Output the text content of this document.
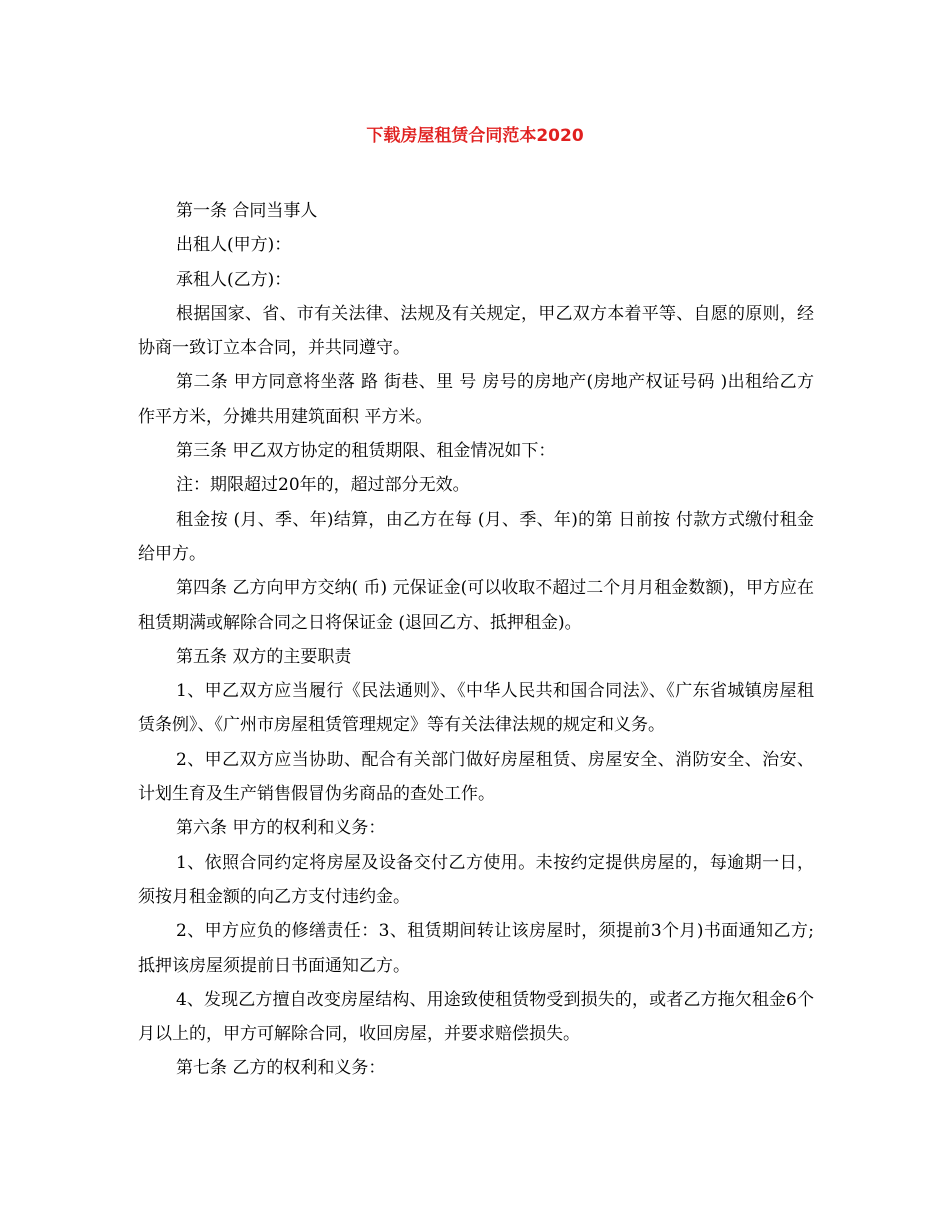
下载房屋租赁合同范本2020

第一条 合同当事人

出租人(甲方)：

承租人(乙方)：

根据国家、省、市有关法律、法规及有关规定，甲乙双方本着平等、自愿的原则，经协商一致订立本合同，并共同遵守。

第二条 甲方同意将坐落 路 街巷、里 号 房号的房地产(房地产权证号码 )出租给乙方作平方米，分摊共用建筑面积 平方米。

第三条 甲乙双方协定的租赁期限、租金情况如下：

注：期限超过20年的，超过部分无效。

租金按 (月、季、年)结算，由乙方在每 (月、季、年)的第 日前按 付款方式缴付租金给甲方。

第四条 乙方向甲方交纳( 币) 元保证金(可以收取不超过二个月月租金数额)，甲方应在租赁期满或解除合同之日将保证金 (退回乙方、抵押租金)。

第五条 双方的主要职责

1、甲乙双方应当履行《民法通则》、《中华人民共和国合同法》、《广东省城镇房屋租赁条例》、《广州市房屋租赁管理规定》等有关法律法规的规定和义务。

2、甲乙双方应当协助、配合有关部门做好房屋租赁、房屋安全、消防安全、治安、计划生育及生产销售假冒伪劣商品的查处工作。

第六条 甲方的权利和义务：

1、依照合同约定将房屋及设备交付乙方使用。未按约定提供房屋的，每逾期一日，须按月租金额的向乙方支付违约金。

2、甲方应负的修缮责任：3、租赁期间转让该房屋时，须提前3个月)书面通知乙方;抵押该房屋须提前日书面通知乙方。

4、发现乙方擅自改变房屋结构、用途致使租赁物受到损失的，或者乙方拖欠租金6个月以上的，甲方可解除合同，收回房屋，并要求赔偿损失。

第七条 乙方的权利和义务：
